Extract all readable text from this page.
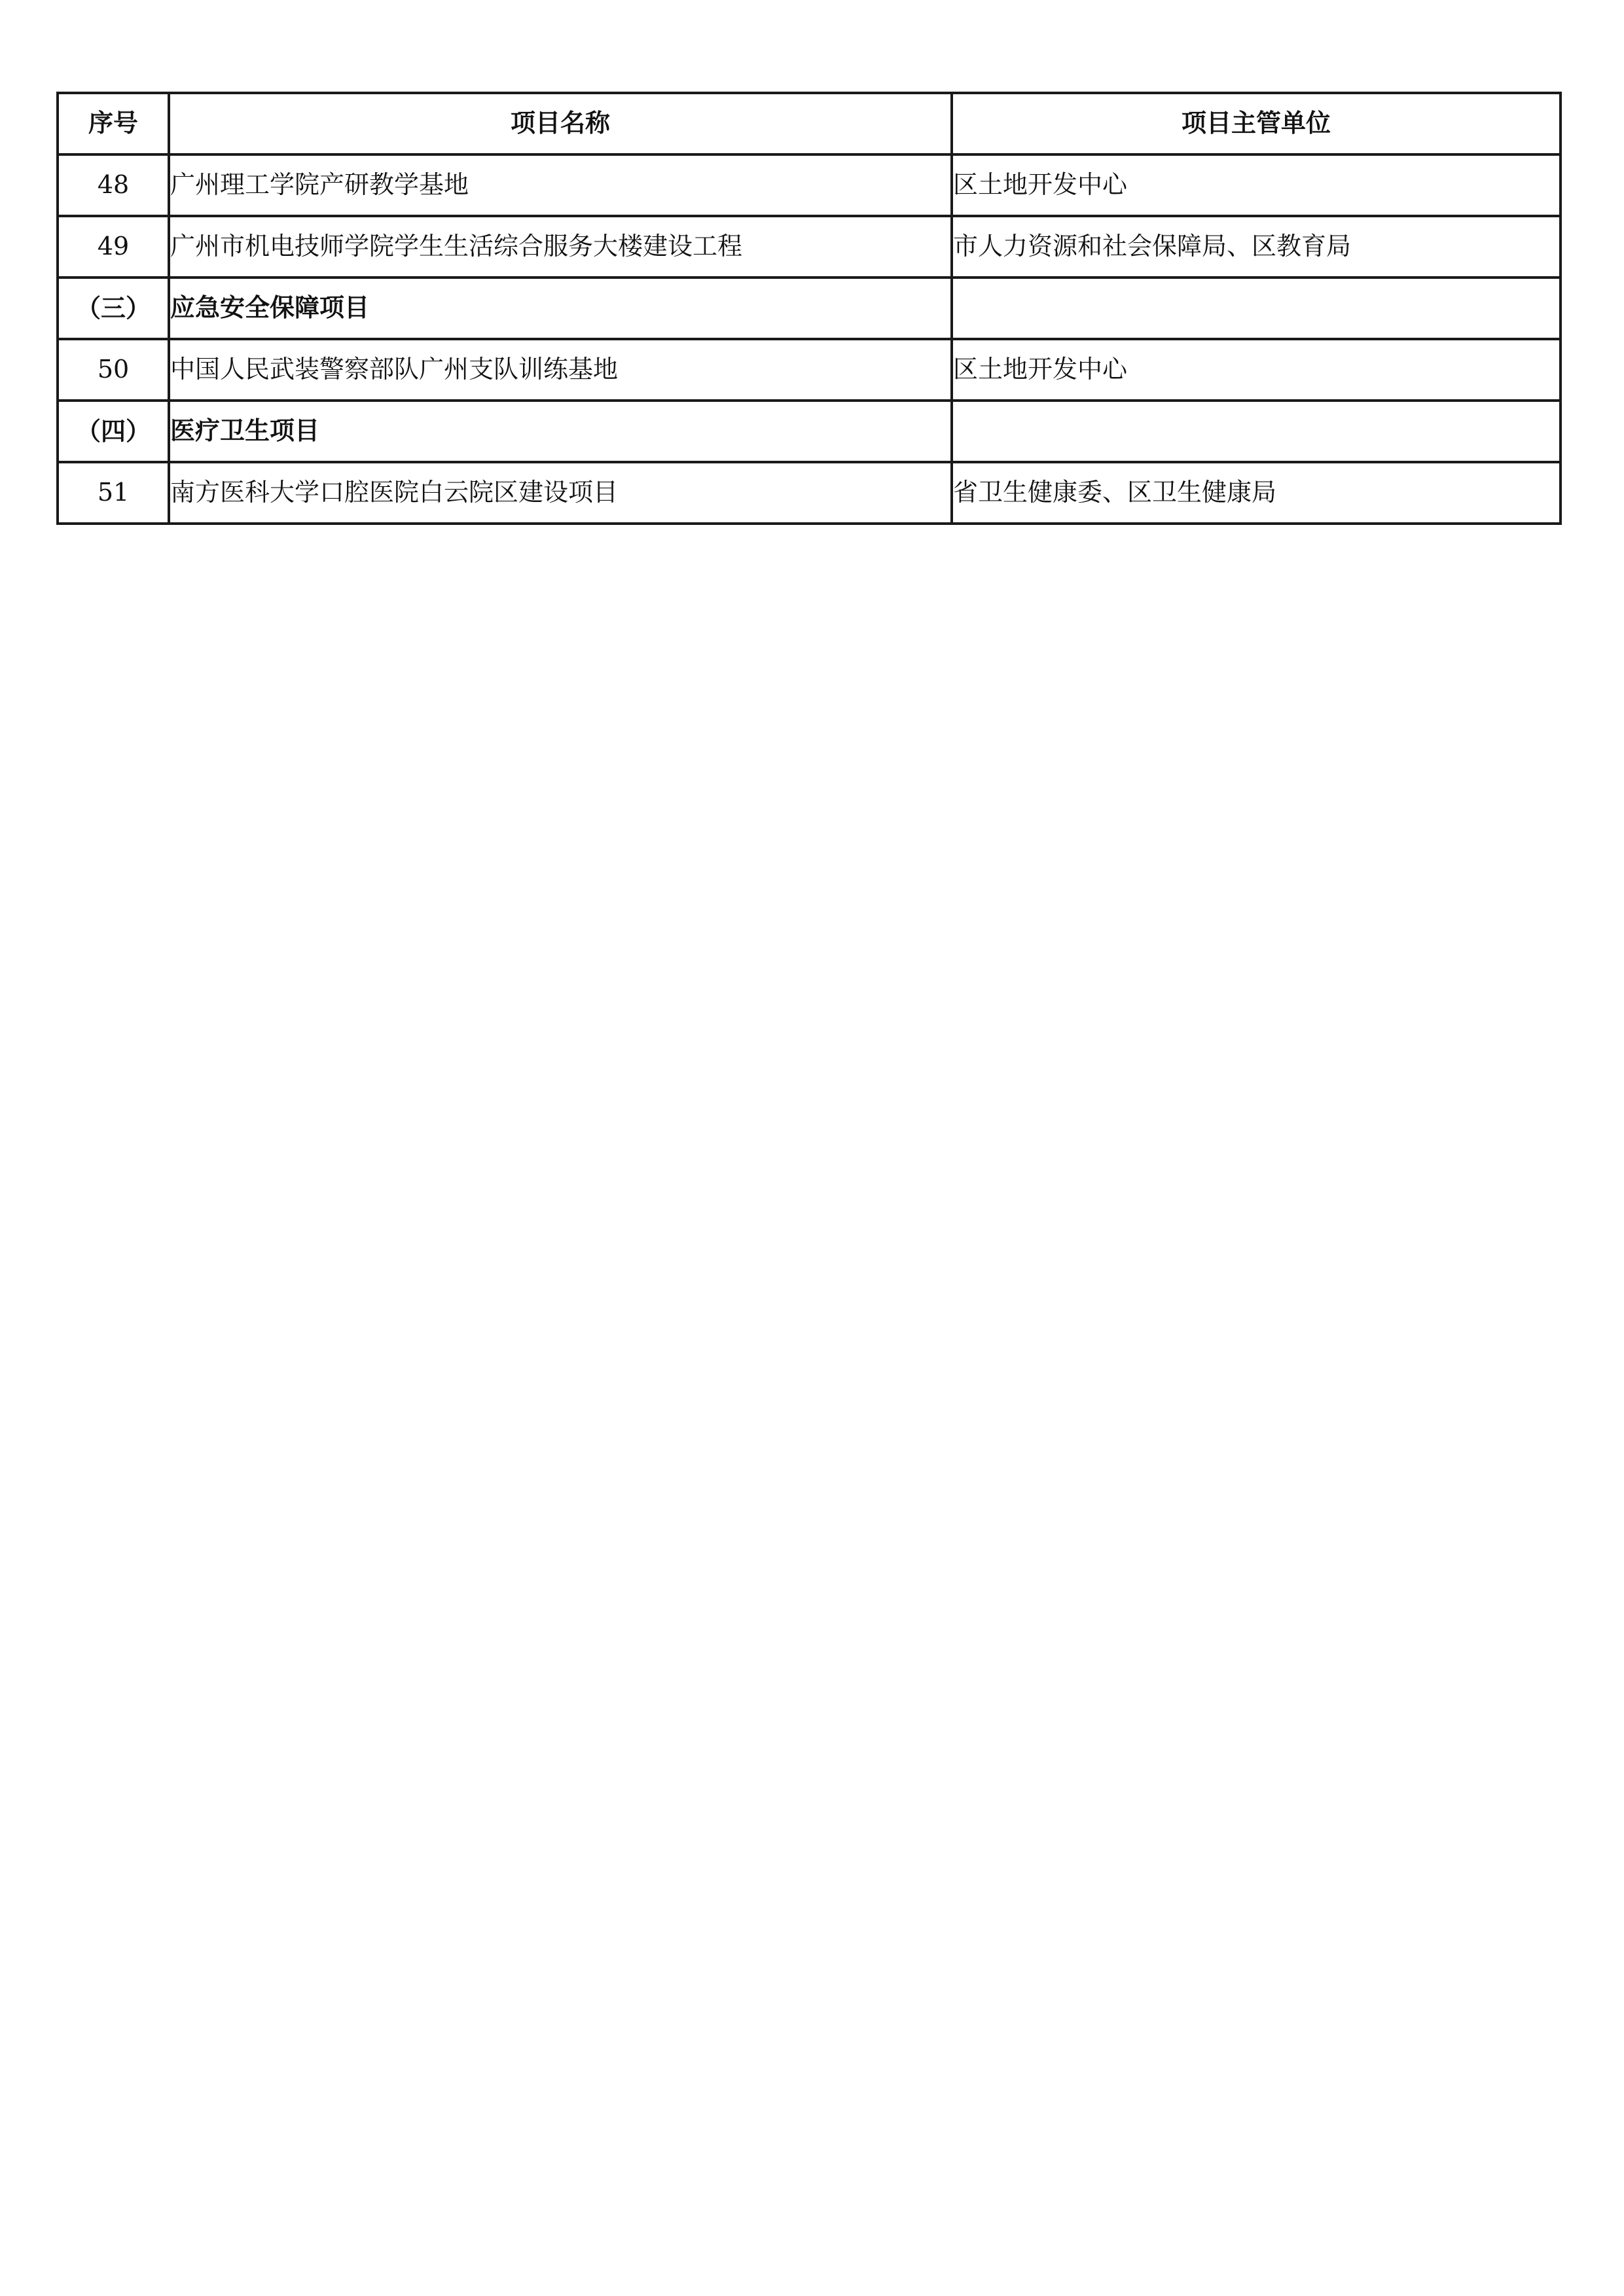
序号	项目名称	项目主管单位
48	广州理工学院产研教学基地	区土地开发中心
49	广州市机电技师学院学生生活综合服务大楼建设工程	市人力资源和社会保障局、区教育局
（三）	应急安全保障项目	
50	中国人民武装警察部队广州支队训练基地	区土地开发中心
（四）	医疗卫生项目	
51	南方医科大学口腔医院白云院区建设项目	省卫生健康委、区卫生健康局
